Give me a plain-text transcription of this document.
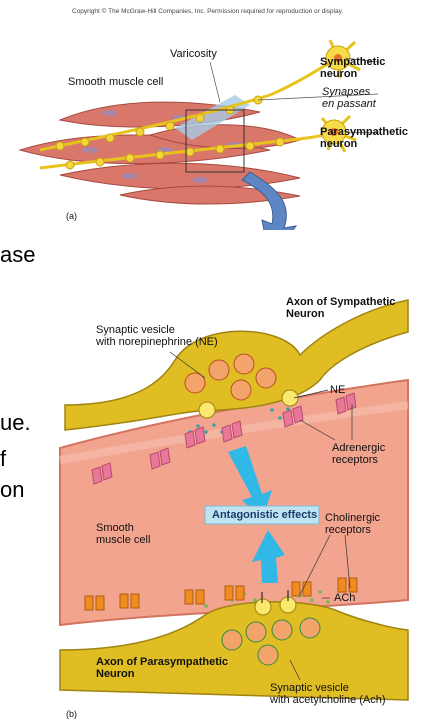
Copyright © The McGraw-Hill Companies, Inc. Permission required for reproduction or display.
Varicosity
Smooth muscle cell
Sympathetic
neuron
Synapses
en passant
Parasympathetic
neuron
(a)
ase
ue.
f
on
Axon of Sympathetic
Neuron
Synaptic vesicle
with norepinephrine (NE)
NE
Adrenergic
receptors
Antagonistic effects
Smooth
muscle cell
Cholinergic
receptors
ACh
Axon of Parasympathetic
Neuron
Synaptic vesicle
with acetylcholine (Ach)
(b)
